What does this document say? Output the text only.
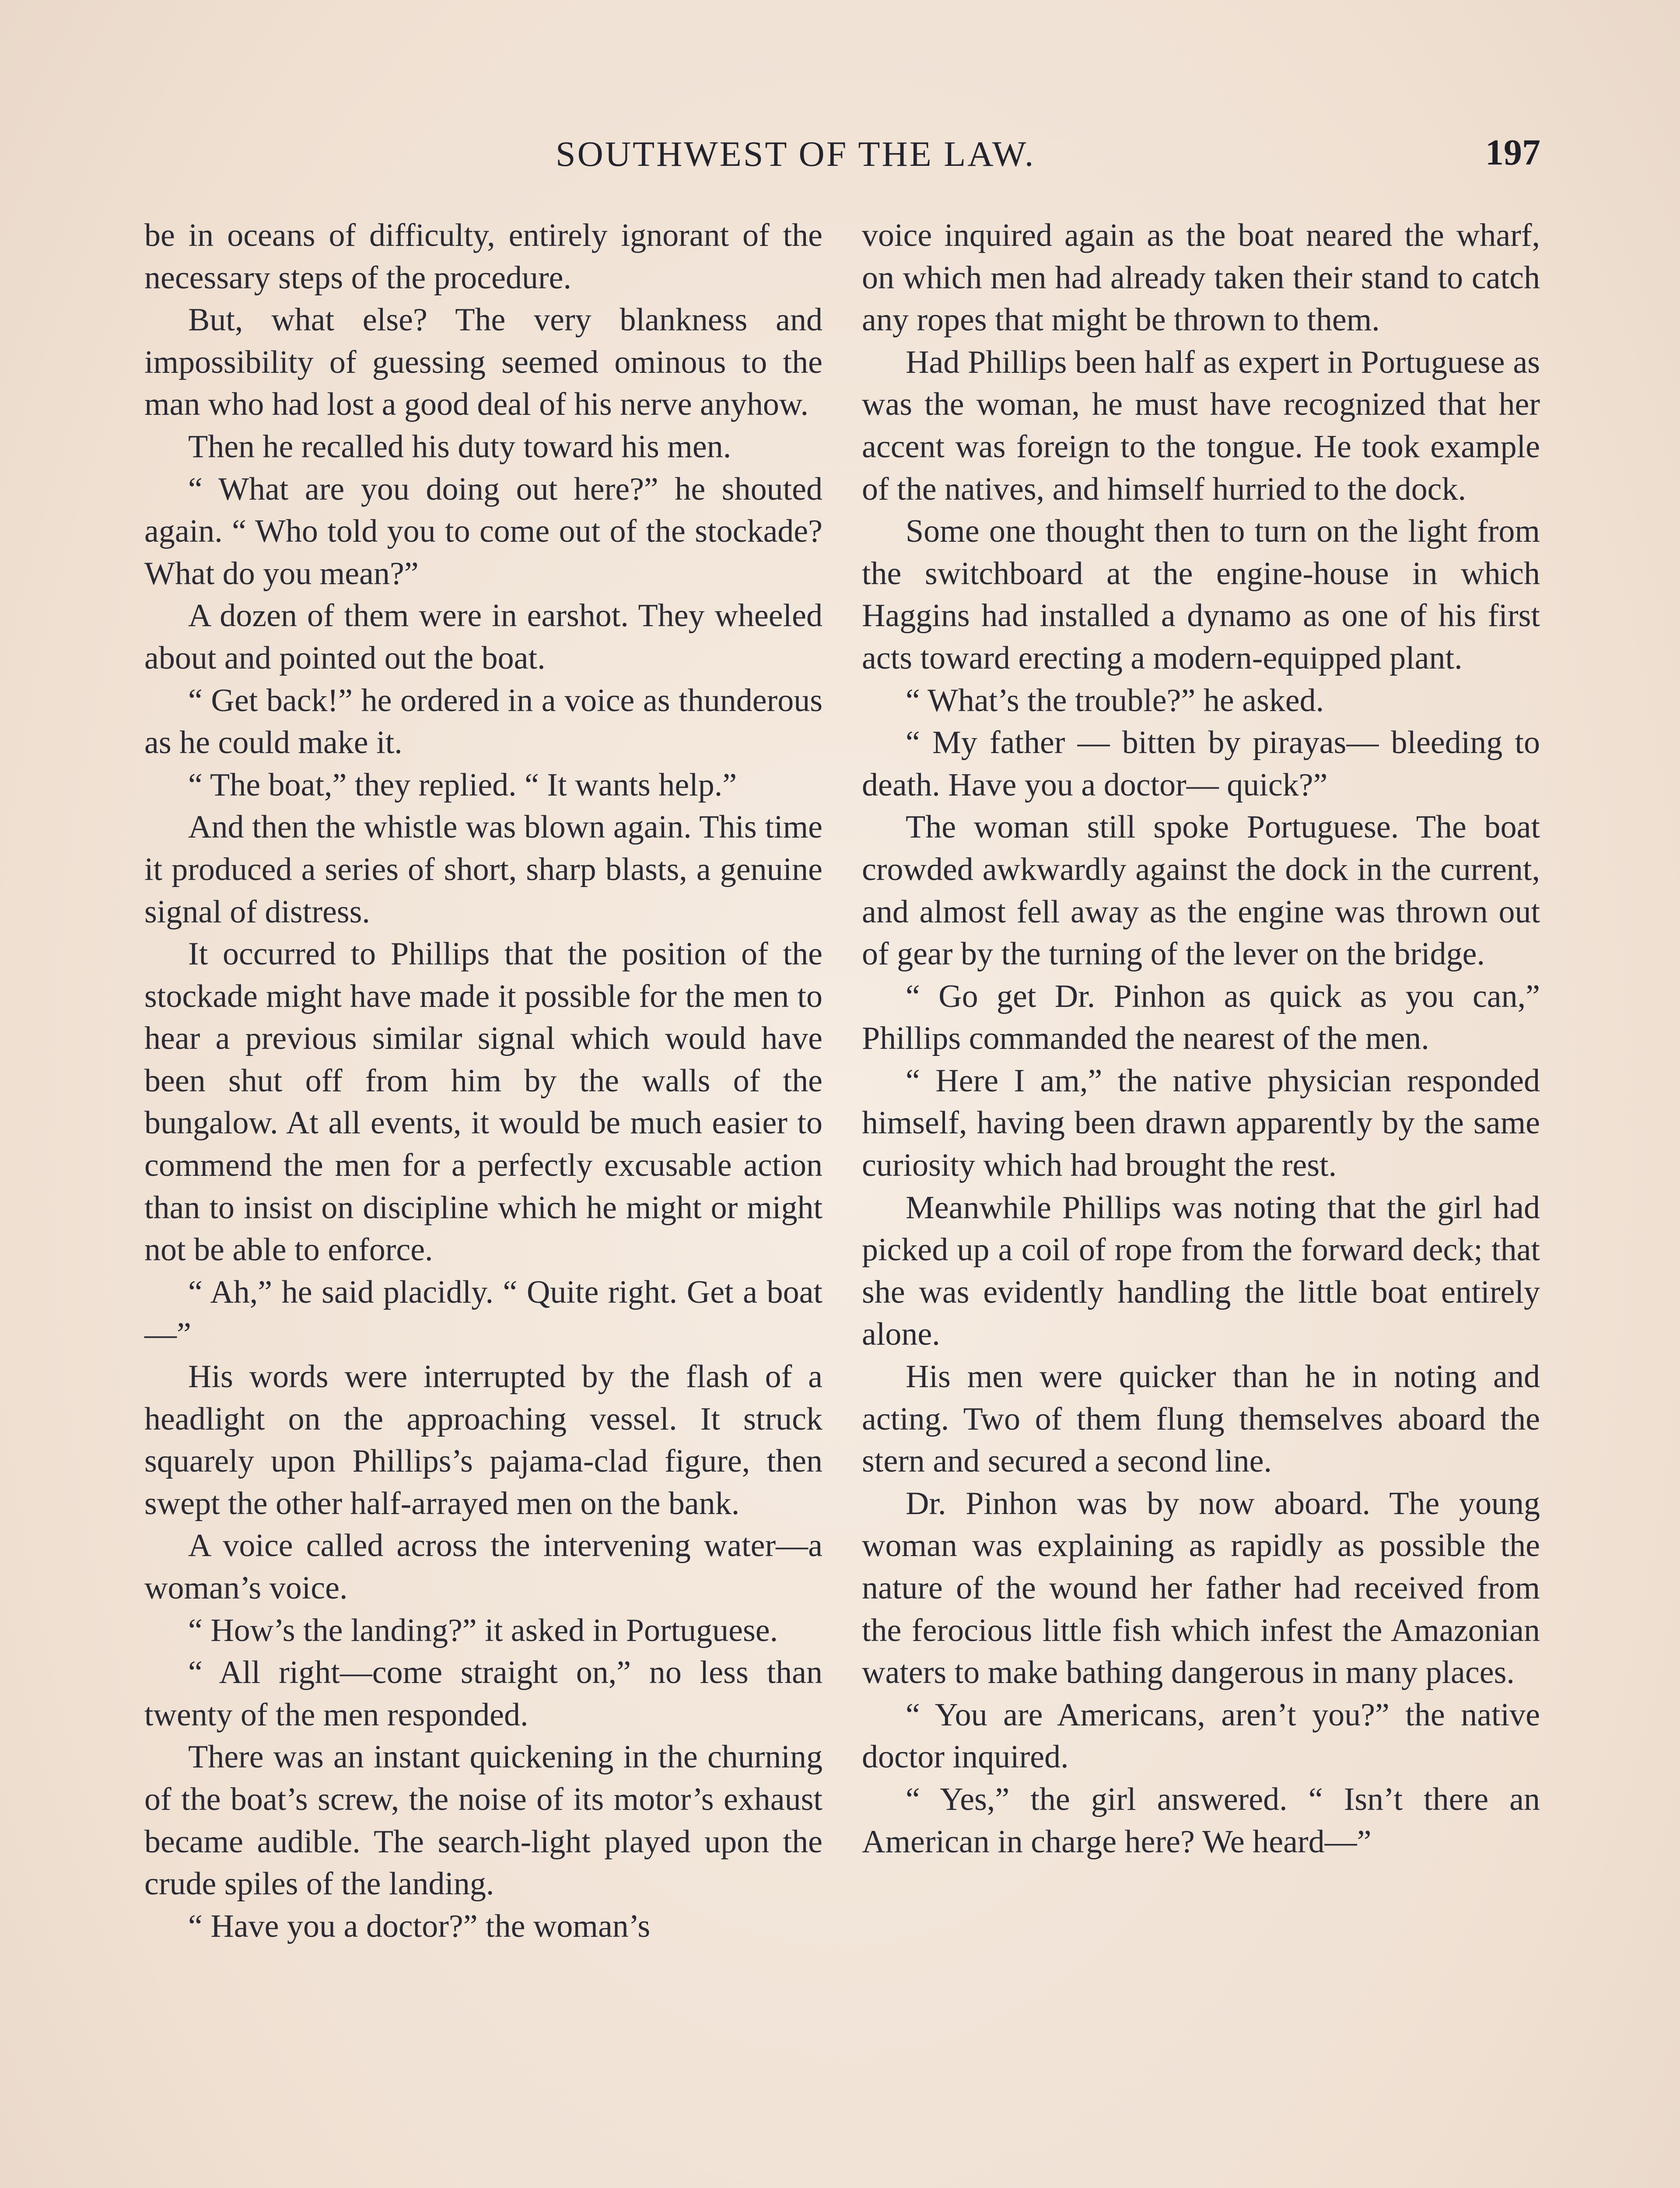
SOUTHWEST OF THE LAW.	197

be in oceans of difficulty, entirely ignorant of the necessary steps of the procedure.

But, what else? The very blankness and impossibility of guessing seemed ominous to the man who had lost a good deal of his nerve anyhow.

Then he recalled his duty toward his men.

“ What are you doing out here?” he shouted again. “ Who told you to come out of the stockade? What do you mean?”

A dozen of them were in earshot. They wheeled about and pointed out the boat.

“ Get back!” he ordered in a voice as thunderous as he could make it.

“ The boat,” they replied. “ It wants help.”

And then the whistle was blown again. This time it produced a series of short, sharp blasts, a genuine signal of distress.

It occurred to Phillips that the position of the stockade might have made it possible for the men to hear a previous similar signal which would have been shut off from him by the walls of the bungalow. At all events, it would be much easier to commend the men for a perfectly excusable action than to insist on discipline which he might or might not be able to enforce.

“ Ah,” he said placidly. “ Quite right. Get a boat—”

His words were interrupted by the flash of a headlight on the approaching vessel. It struck squarely upon Phillips’s pajama-clad figure, then swept the other half-arrayed men on the bank.

A voice called across the intervening water—a woman’s voice.

“ How’s the landing?” it asked in Portuguese.

“ All right—come straight on,” no less than twenty of the men responded.

There was an instant quickening in the churning of the boat’s screw, the noise of its motor’s exhaust became audible. The search-light played upon the crude spiles of the landing.

“ Have you a doctor?” the woman’s

voice inquired again as the boat neared the wharf, on which men had already taken their stand to catch any ropes that might be thrown to them.

Had Phillips been half as expert in Portuguese as was the woman, he must have recognized that her accent was foreign to the tongue. He took example of the natives, and himself hurried to the dock.

Some one thought then to turn on the light from the switchboard at the engine-house in which Haggins had installed a dynamo as one of his first acts toward erecting a modern-equipped plant.

“ What’s the trouble?” he asked.

“ My father — bitten by pirayas— bleeding to death. Have you a doctor— quick?”

The woman still spoke Portuguese. The boat crowded awkwardly against the dock in the current, and almost fell away as the engine was thrown out of gear by the turning of the lever on the bridge.

“ Go get Dr. Pinhon as quick as you can,” Phillips commanded the nearest of the men.

“ Here I am,” the native physician responded himself, having been drawn apparently by the same curiosity which had brought the rest.

Meanwhile Phillips was noting that the girl had picked up a coil of rope from the forward deck; that she was evidently handling the little boat entirely alone.

His men were quicker than he in noting and acting. Two of them flung themselves aboard the stern and secured a second line.

Dr. Pinhon was by now aboard. The young woman was explaining as rapidly as possible the nature of the wound her father had received from the ferocious little fish which infest the Amazonian waters to make bathing dangerous in many places.

“ You are Americans, aren’t you?” the native doctor inquired.

“ Yes,” the girl answered. “ Isn’t there an American in charge here? We heard—”
